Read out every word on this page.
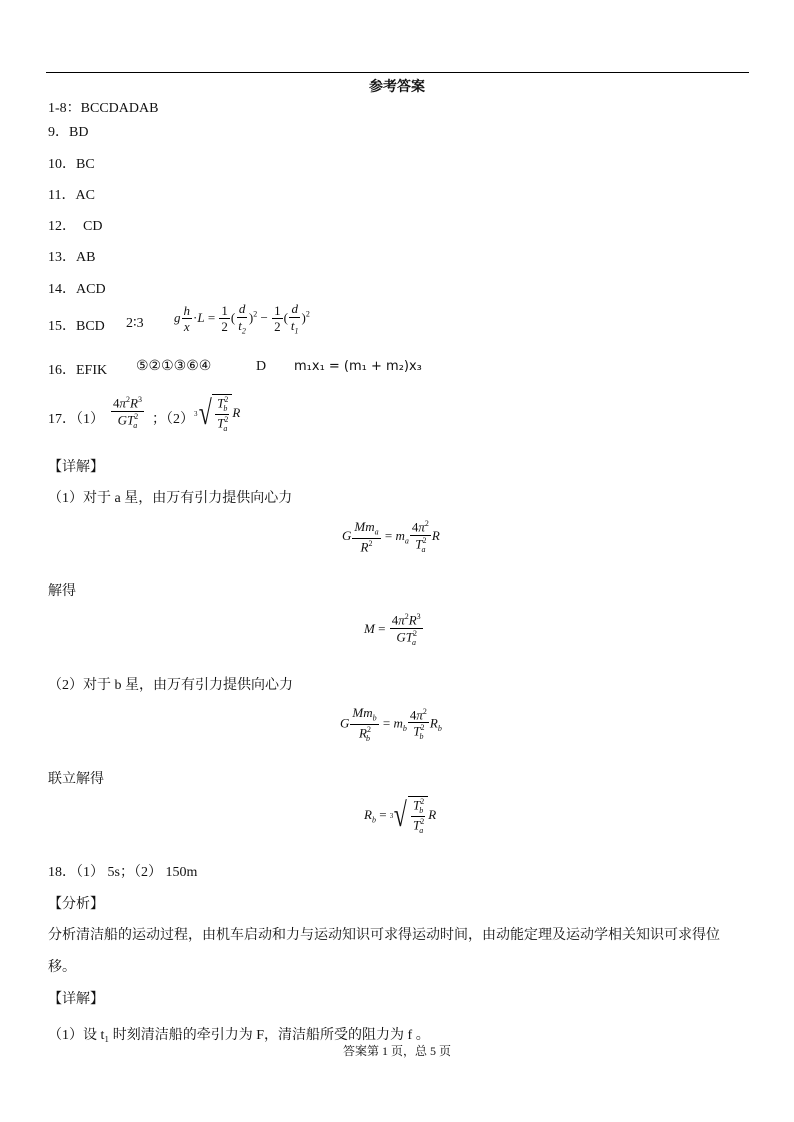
参考答案
1-8：BCCDADAB
9．BD
10．BC
11．AC
12．  CD
13．AB
14．ACD
15．BCD 2∶3 g $\frac{h}{x} \cdot L = \frac{1}{2}$ ( $\frac{d}{t_2} )^2 - \frac{1}{2}$ ( $\frac{d}{t_1} )^2$
16．EFIK ⑤②①③⑥④	D m₁x₁ = (m₁ + m₂)x₃
17．$(1) \frac{4\pi^2R^3}{GT^2_a}$ ；（2） 3 √ $\frac{T^2_b}{T^2_a}$ R
【详解】
（1）对于 a 星，由万有引力提供向心力
G $\frac{Mm_a}{R^2} = m_a \frac{4\pi^2}{T^2_a}$ R
解得
$M = \frac{4\pi^2R^3}{GT^2_a}$
（2）对于 b 星，由万有引力提供向心力
G $\frac{Mm_b}{R^2_b} = m_b \frac{4\pi^2}{T^2_b} R_b$
联立解得
$R_b = 3$ √ $\frac{T^2_b}{T^2_a}$ R
18．（1） 5s；（2） 150m
【分析】
分析清洁船的运动过程，由机车启动和力与运动知识可求得运动时间，由动能定理及运动学相关知识可求得位
移。
【详解】
（1）设 t₁ 时刻清洁船的牵引力为 F，清洁船所受的阻力为 f 。
答案第 1 页，总 5 页
